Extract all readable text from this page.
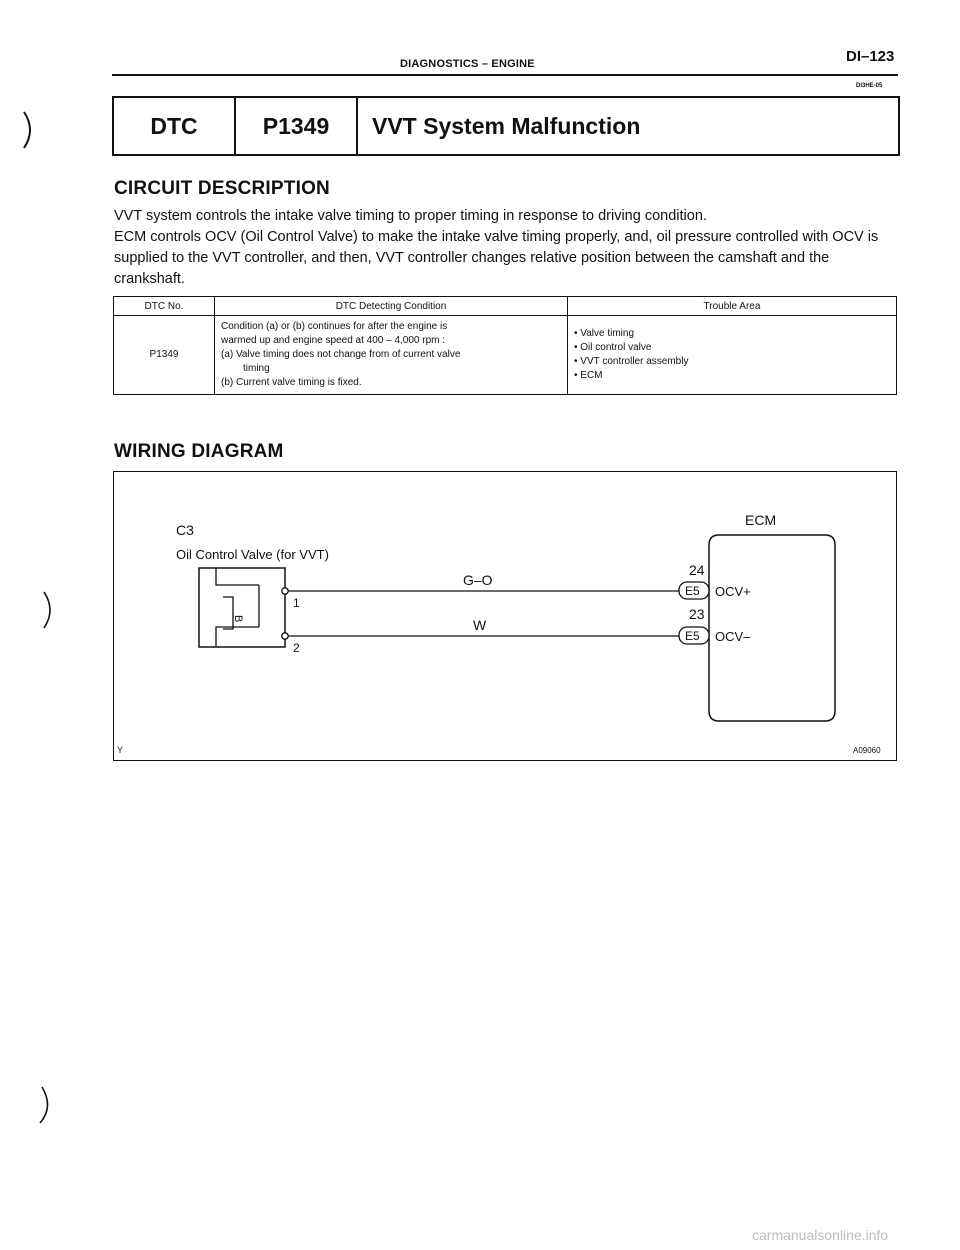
DIAGNOSTICS – ENGINE	DI–123
DI3HE-05
DTC	P1349	VVT System Malfunction
CIRCUIT DESCRIPTION

VVT system controls the intake valve timing to proper timing in response to driving condition.

ECM controls OCV (Oil Control Valve) to make the intake valve timing properly, and, oil pressure controlled with OCV is supplied to the VVT controller, and then, VVT controller changes relative position between the camshaft and the crankshaft.

DTC No.	DTC Detecting Condition	Trouble Area
P1349	Condition (a) or (b) continues for after the engine is
warmed up and engine speed at 400 – 4,000 rpm :
(a) Valve timing does not change from of current valve
timing
(b) Current valve timing is fixed.	• Valve timing
• Oil control valve
• VVT controller assembly
• ECM
WIRING DIAGRAM
C3
Oil Control Valve (for VVT)
B
1
2
G–O
W
ECM
24
E5 OCV+
23
E5 OCV–
Y	A09060
carmanualsonline.info
